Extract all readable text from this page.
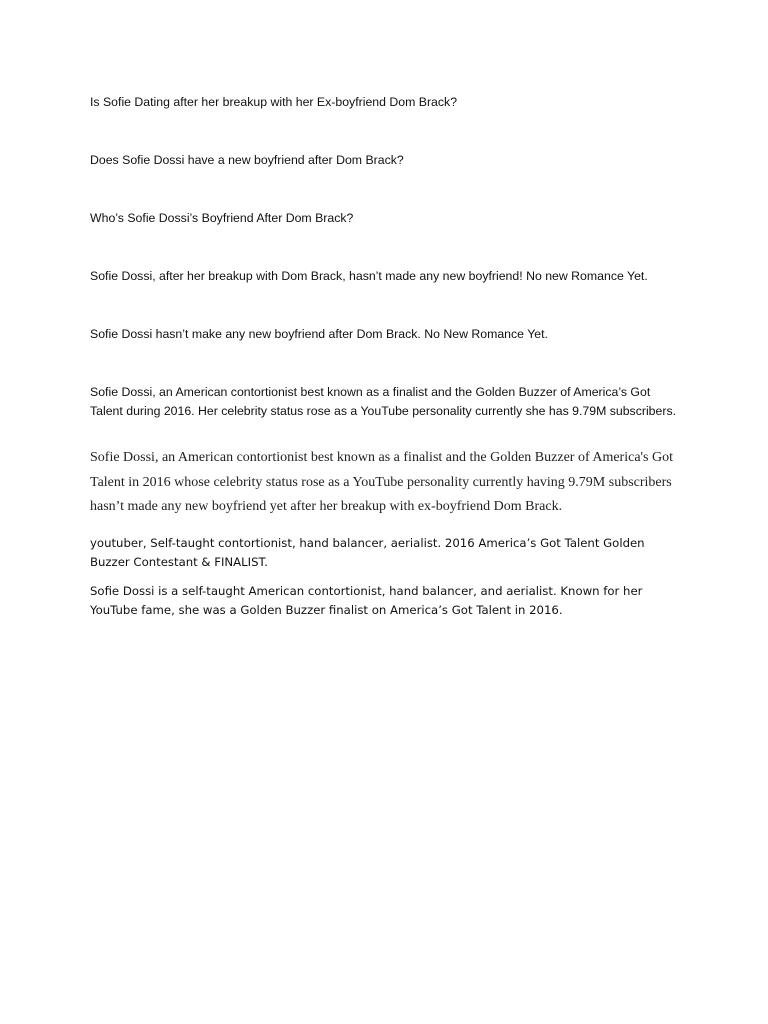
Is Sofie Dating after her breakup with her Ex-boyfriend Dom Brack?

Does Sofie Dossi have a new boyfriend after Dom Brack?

Who’s Sofie Dossi’s Boyfriend After Dom Brack?

Sofie Dossi, after her breakup with Dom Brack, hasn’t made any new boyfriend! No new Romance Yet.

Sofie Dossi hasn’t make any new boyfriend after Dom Brack. No New Romance Yet.

Sofie Dossi, an American contortionist best known as a finalist and the Golden Buzzer of America’s Got Talent during 2016. Her celebrity status rose as a YouTube personality currently she has 9.79M subscribers.

Sofie Dossi, an American contortionist best known as a finalist and the Golden Buzzer of America's Got Talent in 2016 whose celebrity status rose as a YouTube personality currently having 9.79M subscribers hasn’t made any new boyfriend yet after her breakup with ex-boyfriend Dom Brack.

youtuber, Self-taught contortionist, hand balancer, aerialist. 2016 America’s Got Talent Golden Buzzer Contestant & FINALIST.

Sofie Dossi is a self-taught American contortionist, hand balancer, and aerialist. Known for her YouTube fame, she was a Golden Buzzer finalist on America’s Got Talent in 2016.
